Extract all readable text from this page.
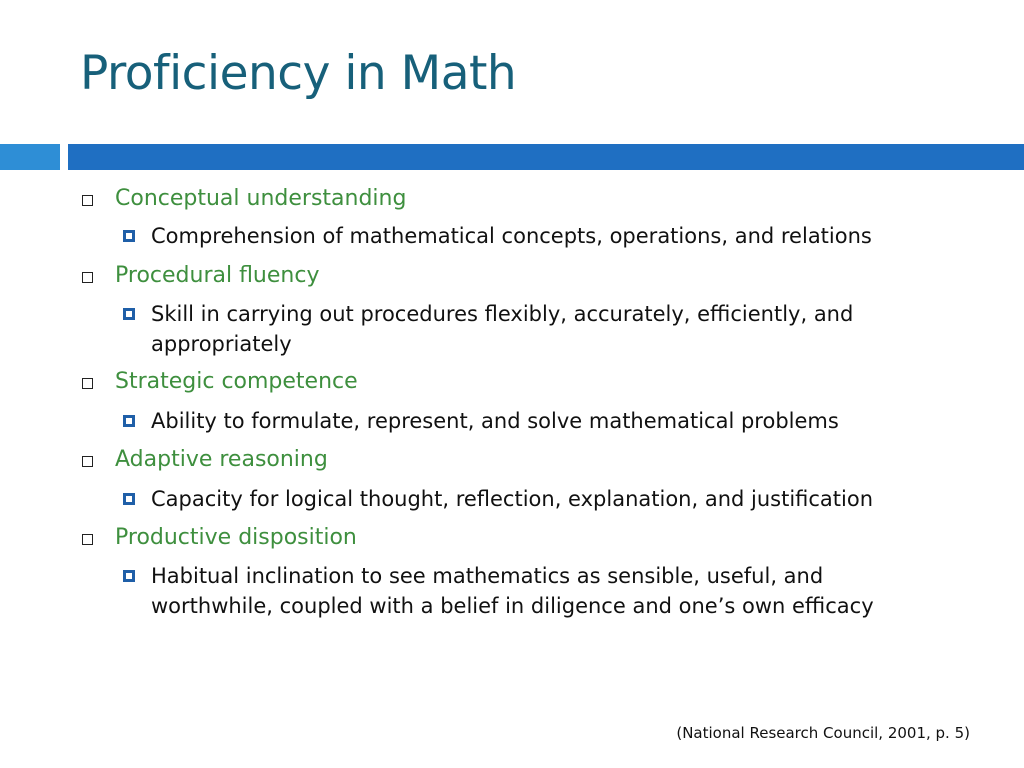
Proficiency in Math
Conceptual understanding
Comprehension of mathematical concepts, operations, and relations
Procedural fluency
Skill in carrying out procedures flexibly, accurately, efficiently, and appropriately
Strategic competence
Ability to formulate, represent, and solve mathematical problems
Adaptive reasoning
Capacity for logical thought, reflection, explanation, and justification
Productive disposition
Habitual inclination to see mathematics as sensible, useful, and worthwhile, coupled with a belief in diligence and one’s own efficacy
(National Research Council, 2001, p. 5)
